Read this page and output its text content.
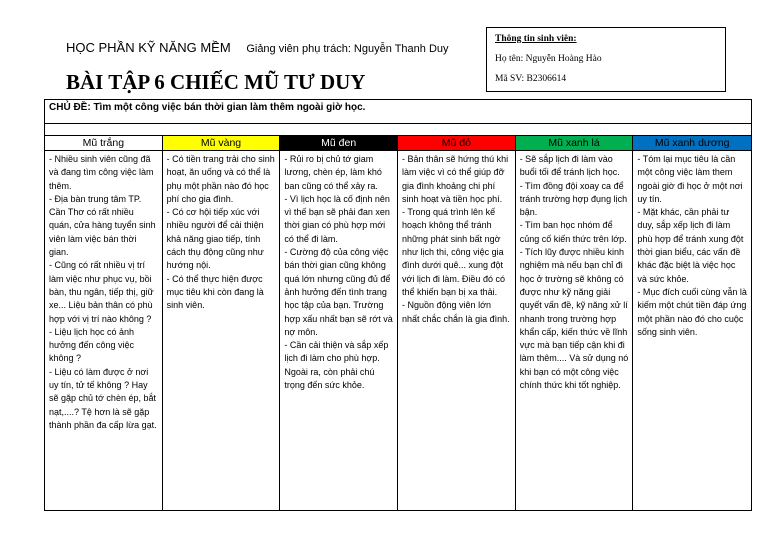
HỌC PHẦN KỸ NĂNG MỀM Giảng viên phụ trách: Nguyễn Thanh Duy
BÀI TẬP 6 CHIẾC MŨ TƯ DUY
Thông tin sinh viên:
Họ tên: Nguyễn Hoàng Hào
Mã SV: B2306614
CHỦ ĐỀ: Tìm một công việc bán thời gian làm thêm ngoài giờ học.
Mũ trắng

- Nhiều sinh viên cũng đã và đang tìm công việc làm thêm.

- Địa bàn trung tâm TP. Cần Thơ có rất nhiều quán, cửa hàng tuyển sinh viên làm việc bán thời gian.

- Cũng có rất nhiều vị trí làm việc như phục vụ, bồi bàn, thu ngân, tiếp thị, giữ xe... Liệu bản thân có phù hợp với vị trí nào không ?

- Liệu lịch học có ảnh hưởng đến công việc không ?

- Liệu có làm được ở nơi uy tín, tử tế không ? Hay sẽ gặp chủ tớ chèn ép, bắt nạt,....? Tệ hơn là sẽ gặp thành phần đa cấp lừa gạt.

Mũ vàng

- Có tiền trang trải cho sinh hoạt, ăn uống và có thể là phụ một phần nào đó học phí cho gia đình.

- Có cơ hội tiếp xúc với nhiều người để cải thiện khả năng giao tiếp, tính cách thụ động cũng như hướng nội.

- Có thể thực hiện được mục tiêu khi còn đang là sinh viên.

Mũ đen

- Rủi ro bị chủ tớ giam lương, chèn ép, làm khó ban cũng có thể xảy ra.

- Vì lịch học là cố định nên vì thế bạn sẽ phải đan xen thời gian có phù hợp mới có thể đi làm.

- Cường độ của công việc bán thời gian cũng không quá lớn nhưng cũng đủ để ảnh hưởng đến tình trang học tập của bạn. Trường hợp xấu nhất bạn sẽ rớt và nợ môn.

- Cần cải thiện và sắp xếp lịch đi làm cho phù hợp. Ngoài ra, còn phải chú trọng đến sức khỏe.

Mũ đỏ

- Bản thân sẽ hứng thú khi làm việc vì có thể giúp đỡ gia đình khoảng chi phí sinh hoạt và tiền học phí.

- Trong quá trình lên kế hoạch không thể tránh những phát sinh bất ngờ như lịch thi, công việc gia đình dưới quê... xung đột với lịch đi làm. Điều đó có thể khiến bạn bị xa thải.

- Nguồn động viên lớn nhất chắc chắn là gia đình.

Mũ xanh lá

- Sẽ sắp lịch đi làm vào buổi tối để tránh lịch học.

- Tìm đồng đội xoay ca để tránh trường hợp đụng lịch bận.

- Tìm ban học nhóm để củng cố kiến thức trên lớp.

- Tích lũy được nhiều kinh nghiệm mà nếu bạn chỉ đi học ở trường sẽ không có được như kỹ năng giải quyết vấn đề, kỹ năng xử lí nhanh trong trường hợp khẩn cấp, kiến thức về lĩnh vực mà bạn tiếp cận khi đi làm thêm.... Và sử dụng nó khi bạn có một công việc chính thức khi tốt nghiệp.

Mũ xanh dương

- Tóm lại mục tiêu là cần một công việc làm them ngoài giờ đi học ở một nơi uy tín.

- Mặt khác, cần phải tư duy, sắp xếp lịch đi làm phù hợp để tránh xung đột thời gian biểu, các vấn đề khác đặc biệt là việc học và sức khỏe.

- Mục đích cuối cùng vẫn là kiếm một chút tiền đáp ứng một phần nào đó cho cuộc sống sinh viên.
